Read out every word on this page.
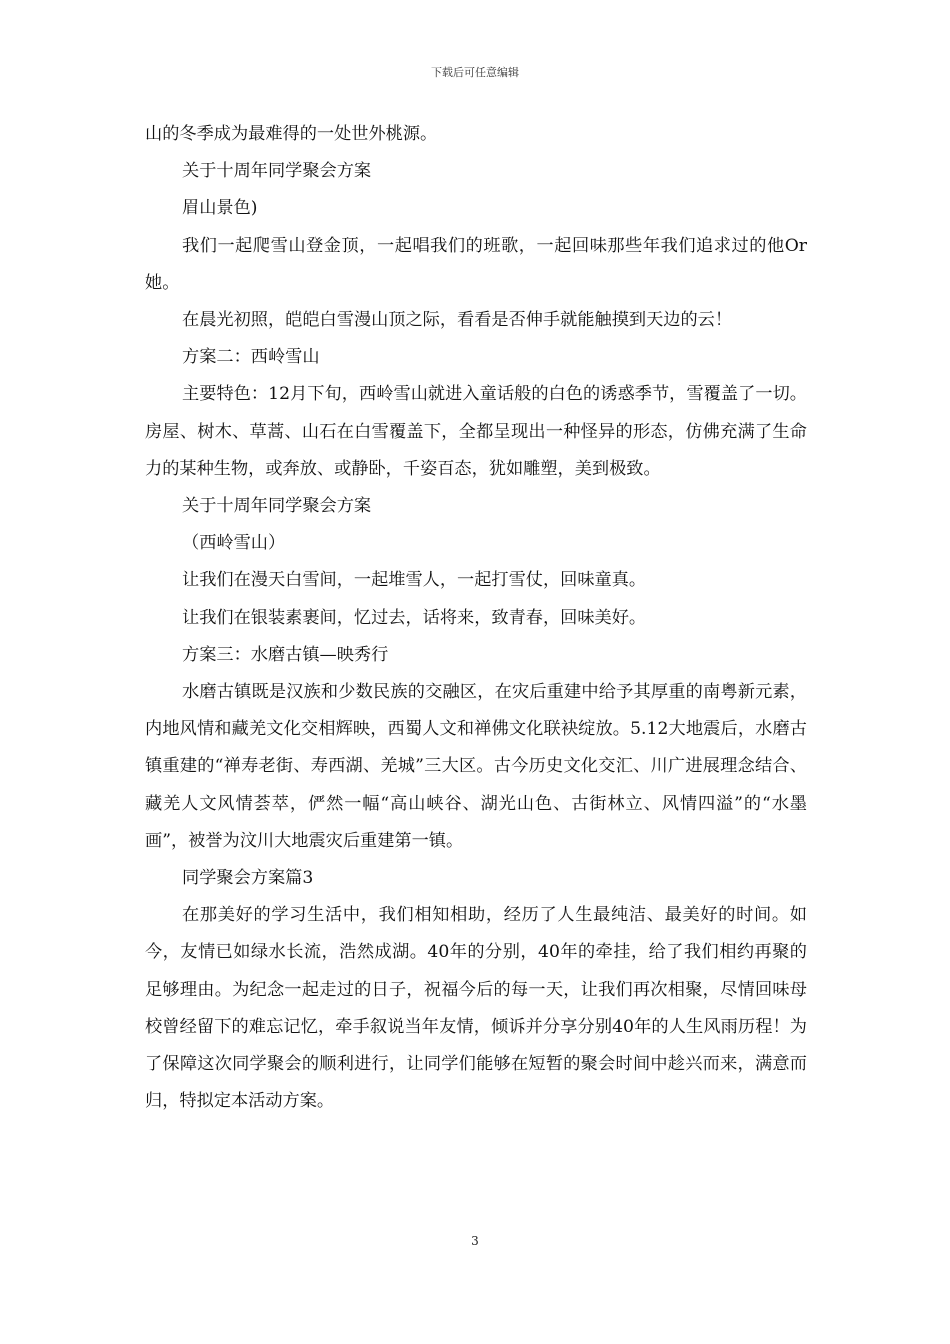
下载后可任意编辑

山的冬季成为最难得的一处世外桃源。

关于十周年同学聚会方案

眉山景色)

我们一起爬雪山登金顶，一起唱我们的班歌，一起回味那些年我们追求过的他Or她。

在晨光初照，皑皑白雪漫山顶之际，看看是否伸手就能触摸到天边的云！

方案二：西岭雪山

主要特色：12月下旬，西岭雪山就进入童话般的白色的诱惑季节，雪覆盖了一切。房屋、树木、草蒿、山石在白雪覆盖下，全都呈现出一种怪异的形态，仿佛充满了生命力的某种生物，或奔放、或静卧，千姿百态，犹如雕塑，美到极致。

关于十周年同学聚会方案

（西岭雪山）

让我们在漫天白雪间，一起堆雪人，一起打雪仗，回味童真。

让我们在银装素裹间，忆过去，话将来，致青春，回味美好。

方案三：水磨古镇—映秀行

水磨古镇既是汉族和少数民族的交融区，在灾后重建中给予其厚重的南粤新元素，内地风情和藏羌文化交相辉映，西蜀人文和禅佛文化联袂绽放。5.12大地震后，水磨古镇重建的“禅寿老街、寿西湖、羌城”三大区。古今历史文化交汇、川广进展理念结合、藏羌人文风情荟萃，俨然一幅“高山峡谷、湖光山色、古街林立、风情四溢”的“水墨画”，被誉为汶川大地震灾后重建第一镇。

同学聚会方案篇3

在那美好的学习生活中，我们相知相助，经历了人生最纯洁、最美好的时间。如今，友情已如绿水长流，浩然成湖。40年的分别，40年的牵挂，给了我们相约再聚的足够理由。为纪念一起走过的日子，祝福今后的每一天，让我们再次相聚，尽情回味母校曾经留下的难忘记忆，牵手叙说当年友情，倾诉并分享分别40年的人生风雨历程！为了保障这次同学聚会的顺利进行，让同学们能够在短暂的聚会时间中趁兴而来，满意而归，特拟定本活动方案。

3
